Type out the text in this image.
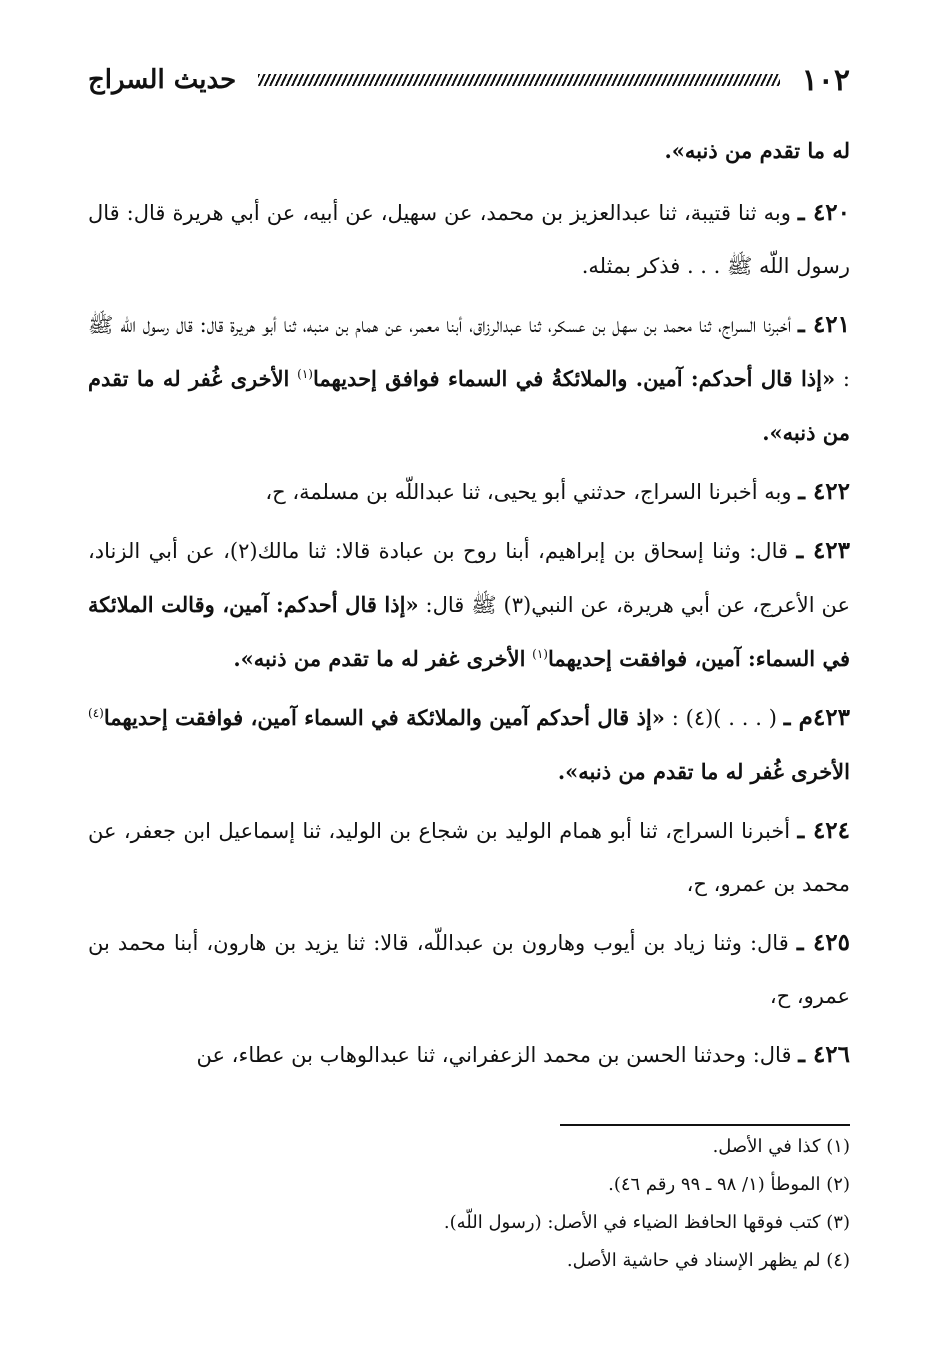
١٠٢
حديث السراج

له ما تقدم من ذنبه».

٤٢٠ ـ وبه ثنا قتيبة، ثنا عبدالعزيز بن محمد، عن سهيل، عن أبيه، عن أبي هريرة قال: قال رسول اللّه ﷺ . . . فذكر بمثله.

٤٢١ ـ أخبرنا السراج، ثنا محمد بن سهل بن عسكر، ثنا عبدالرزاق، أبنا معمر، عن همام بن منبه، ثنا أبو هريرة قال: قال رسول اللّه ﷺ : «إذا قال أحدكم: آمين. والملائكةُ في السماء فوافق إحديهما$^{(١)}$ الأخرى غُفر له ما تقدم من ذنبه».

٤٢٢ ـ وبه أخبرنا السراج، حدثني أبو يحيى، ثنا عبداللّه بن مسلمة، ح،

٤٢٣ ـ قال: وثنا إسحاق بن إبراهيم، أبنا روح بن عبادة قالا: ثنا مالك(٢)، عن أبي الزناد، عن الأعرج، عن أبي هريرة، عن النبي(٣) ﷺ قال: «إذا قال أحدكم: آمين، وقالت الملائكة في السماء: آمين، فوافقت إحديهما$^{(١)}$ الأخرى غفر له ما تقدم من ذنبه».

٤٢٣م ـ ( . . . )(٤) : «إذ قال أحدكم آمين والملائكة في السماء آمين، فوافقت إحديهما$^{(٤)}$ الأخرى غُفر له ما تقدم من ذنبه».

٤٢٤ ـ أخبرنا السراج، ثنا أبو همام الوليد بن شجاع بن الوليد، ثنا إسماعيل ابن جعفر، عن محمد بن عمرو، ح،

٤٢٥ ـ قال: وثنا زياد بن أيوب وهارون بن عبداللّه، قالا: ثنا يزيد بن هارون، أبنا محمد بن عمرو، ح،

٤٢٦ ـ قال: وحدثنا الحسن بن محمد الزعفراني، ثنا عبدالوهاب بن عطاء، عن

(١) كذا في الأصل.

(٢) الموطأ (١/ ٩٨ ـ ٩٩ رقم ٤٦).

(٣) كتب فوقها الحافظ الضياء في الأصل: (رسول اللّه).

(٤) لم يظهر الإسناد في حاشية الأصل.
